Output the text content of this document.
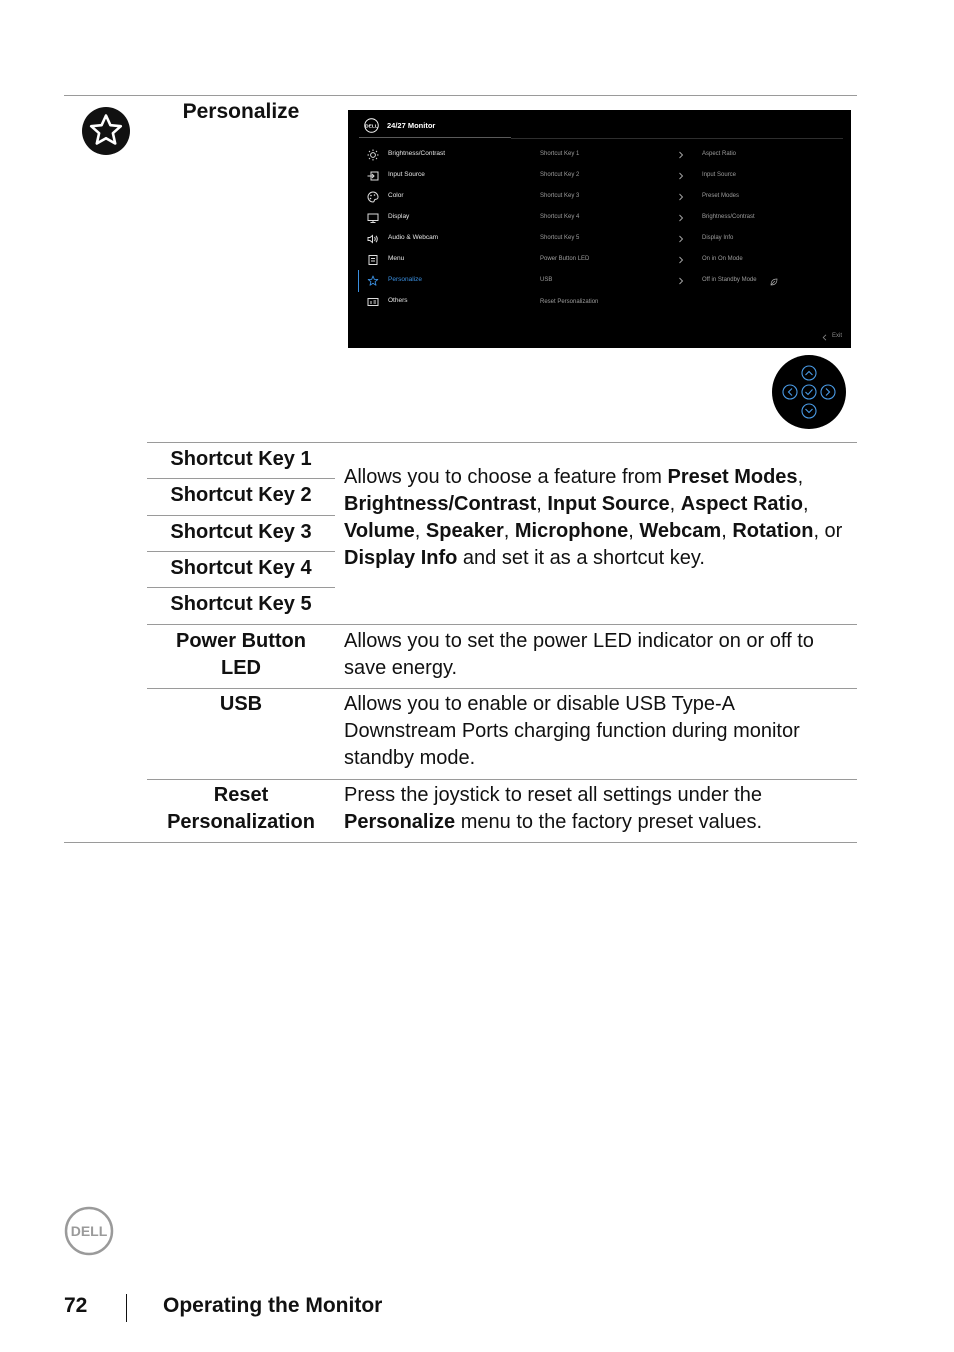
Personalize
DELL 24/27 Monitor
Brightness/Contrast
Input Source
Color
Display
Audio & Webcam
Menu
Personalize
Others
Shortcut Key 1
Shortcut Key 2
Shortcut Key 3
Shortcut Key 4
Shortcut Key 5
Power Button LED
USB
Reset Personalization
Aspect Ratio
Input Source
Preset Modes
Brightness/Contrast
Display Info
On in On Mode
Off in Standby Mode
Exit
Shortcut Key 1
Shortcut Key 2
Shortcut Key 3
Shortcut Key 4
Shortcut Key 5
Allows you to choose a feature from Preset Modes, Brightness/Contrast, Input Source, Aspect Ratio, Volume, Speaker, Microphone, Webcam, Rotation, or Display Info and set it as a shortcut key.
Power Button
LED
Allows you to set the power LED indicator on or off to save energy.
USB	Allows you to enable or disable USB Type-A Downstream Ports charging function during monitor standby mode.
Reset
Personalization
Press the joystick to reset all settings under the Personalize menu to the factory preset values.
DELL
72	Operating the Monitor
